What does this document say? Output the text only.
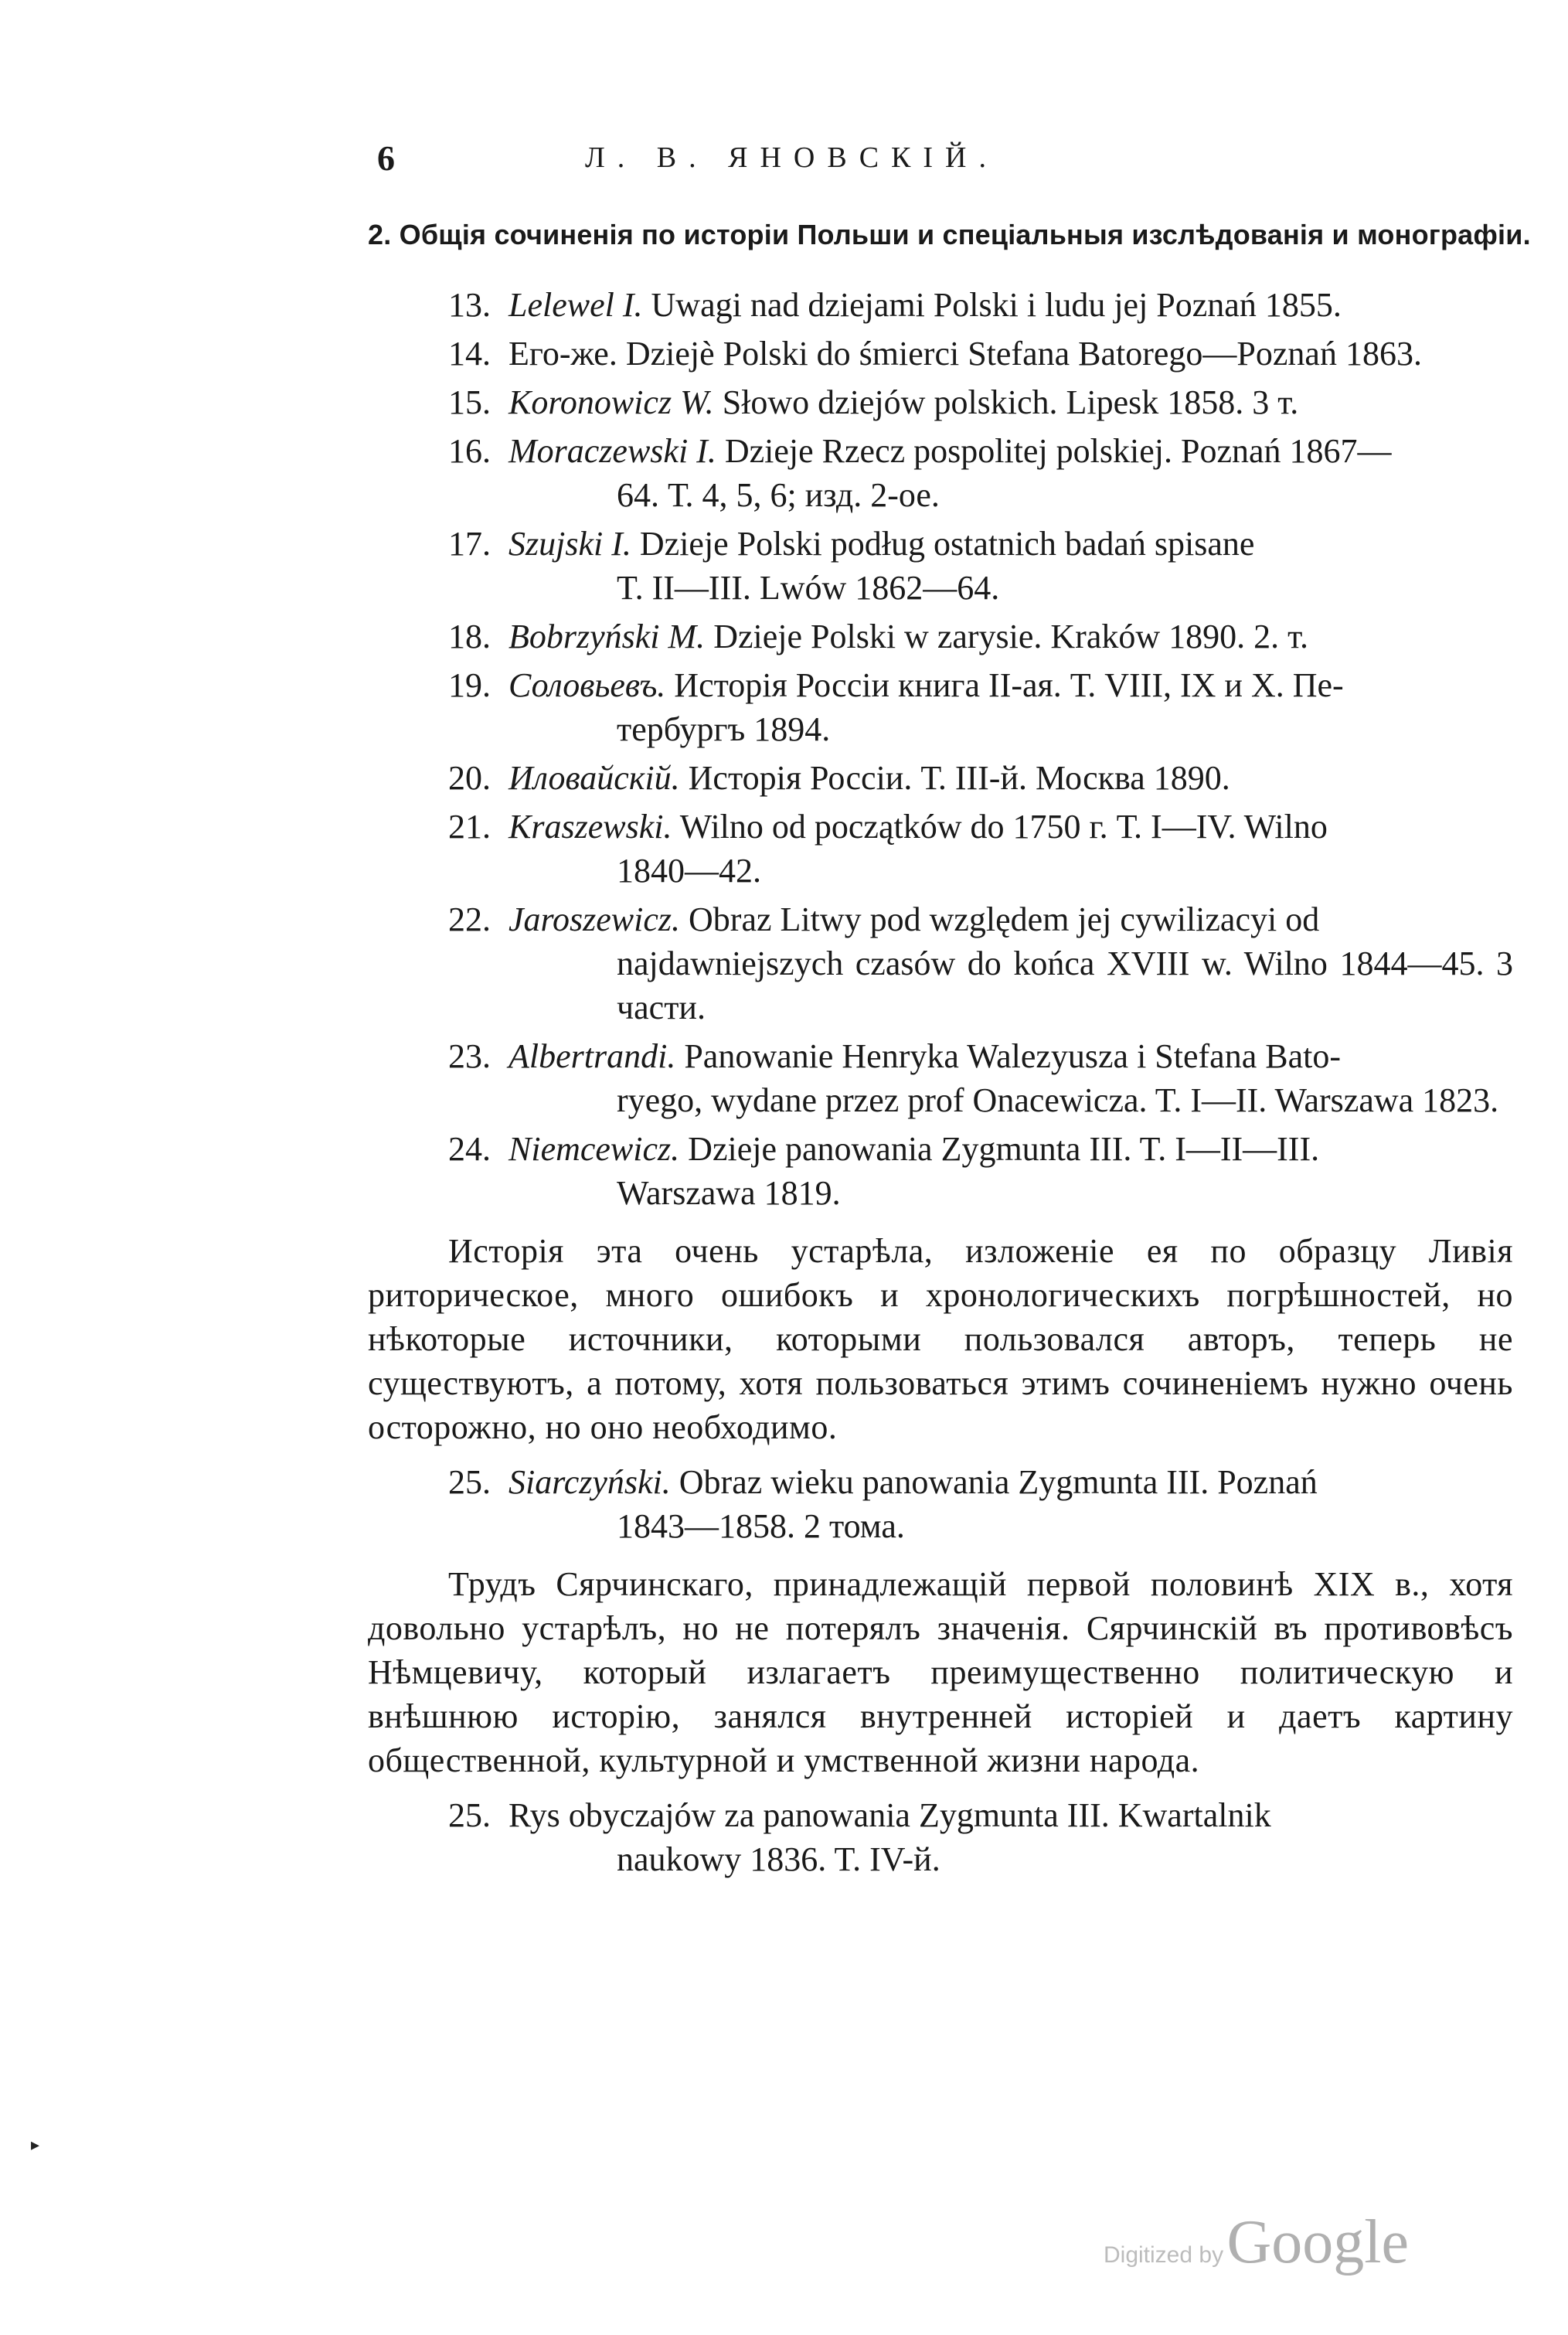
6	Л. В. ЯНОВСКІЙ.
2. Общія сочиненія по исторіи Польши и спеціальныя изслѣдованія и монографіи.
13. Lelewel I. Uwagi nad dziejami Polski i ludu jej Poznań 1855.
14. Его-же. Dziejè Polski do śmierci Stefana Batorego—Poznań 1863.
15. Koronowicz W. Słowo dziejów polskich. Lipesk 1858. 3 т.
16. Moraczewski I. Dzieje Rzecz pospolitej polskiej. Poznań 1867—
64. Т. 4, 5, 6; изд. 2-ое.
17. Szujski I. Dzieje Polski podług ostatnich badań spisane
T. II—III. Lwów 1862—64.
18. Bobrzyński M. Dzieje Polski w zarysie. Kraków 1890. 2. т.
19. Соловьевъ. Исторія Россіи книга II-ая. Т. VIII, IX и X. Пе-
тербургъ 1894.
20. Иловайскій. Исторія Россіи. Т. III-й. Москва 1890.
21. Kraszewski. Wilno od początków do 1750 г. Т. I—IV. Wilno
1840—42.
22. Jaroszewicz. Obraz Litwy pod względem jej cywilizacyi od
najdawniejszych czasów do końca XVIII w. Wilno 1844—45. 3 части.
23. Albertrandi. Panowanie Henryka Walezyusza i Stefana Bato-
ryego, wydane przez prof Onacewicza. T. I—II. Warszawa 1823.
24. Niemcewicz. Dzieje panowania Zygmunta III. T. I—II—III.
Warszawa 1819.

Исторія эта очень устарѣла, изложеніе ея по образцу Ливія риторическое, много ошибокъ и хронологическихъ погрѣшностей, но нѣкоторые источники, которыми пользовался авторъ, теперь не существуютъ, а потому, хотя пользоваться этимъ сочиненіемъ нужно очень осторожно, но оно необходимо.

25. Siarczyński. Obraz wieku panowania Zygmunta III. Poznań
1843—1858. 2 тома.

Трудъ Сярчинскаго, принадлежащій первой половинѣ XIX в., хотя довольно устарѣлъ, но не потерялъ значенія. Сярчинскій въ противовѣсъ Нѣмцевичу, который излагаетъ преимущественно политическую и внѣшнюю исторію, занялся внутренней исторіей и даетъ картину общественной, культурной и умственной жизни народа.

25. Rys obyczajów za panowania Zygmunta III. Kwartalnik
naukowy 1836. T. IV-й.
▸
Digitized by Google
